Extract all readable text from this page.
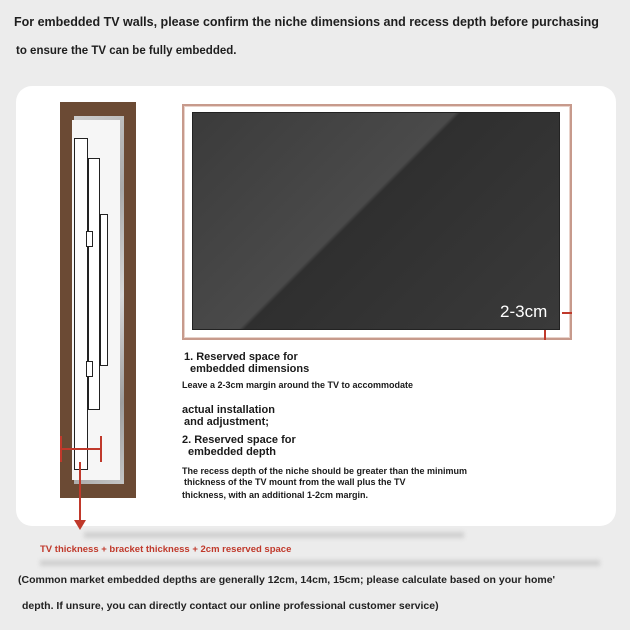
For embedded TV walls, please confirm the niche dimensions and recess depth before purchasing
to ensure the TV can be fully embedded.
2-3cm
1. Reserved space for
embedded dimensions
Leave a 2-3cm margin around the TV to accommodate
actual installation
and adjustment;
2. Reserved space for
embedded depth
The recess depth of the niche should be greater than the minimum
thickness of the TV mount from the wall plus the TV
thickness, with an additional 1-2cm margin.
TV thickness + bracket thickness + 2cm reserved space
(Common market embedded depths are generally 12cm, 14cm, 15cm; please calculate based on your home'
depth. If unsure, you can directly contact our online professional customer service)
